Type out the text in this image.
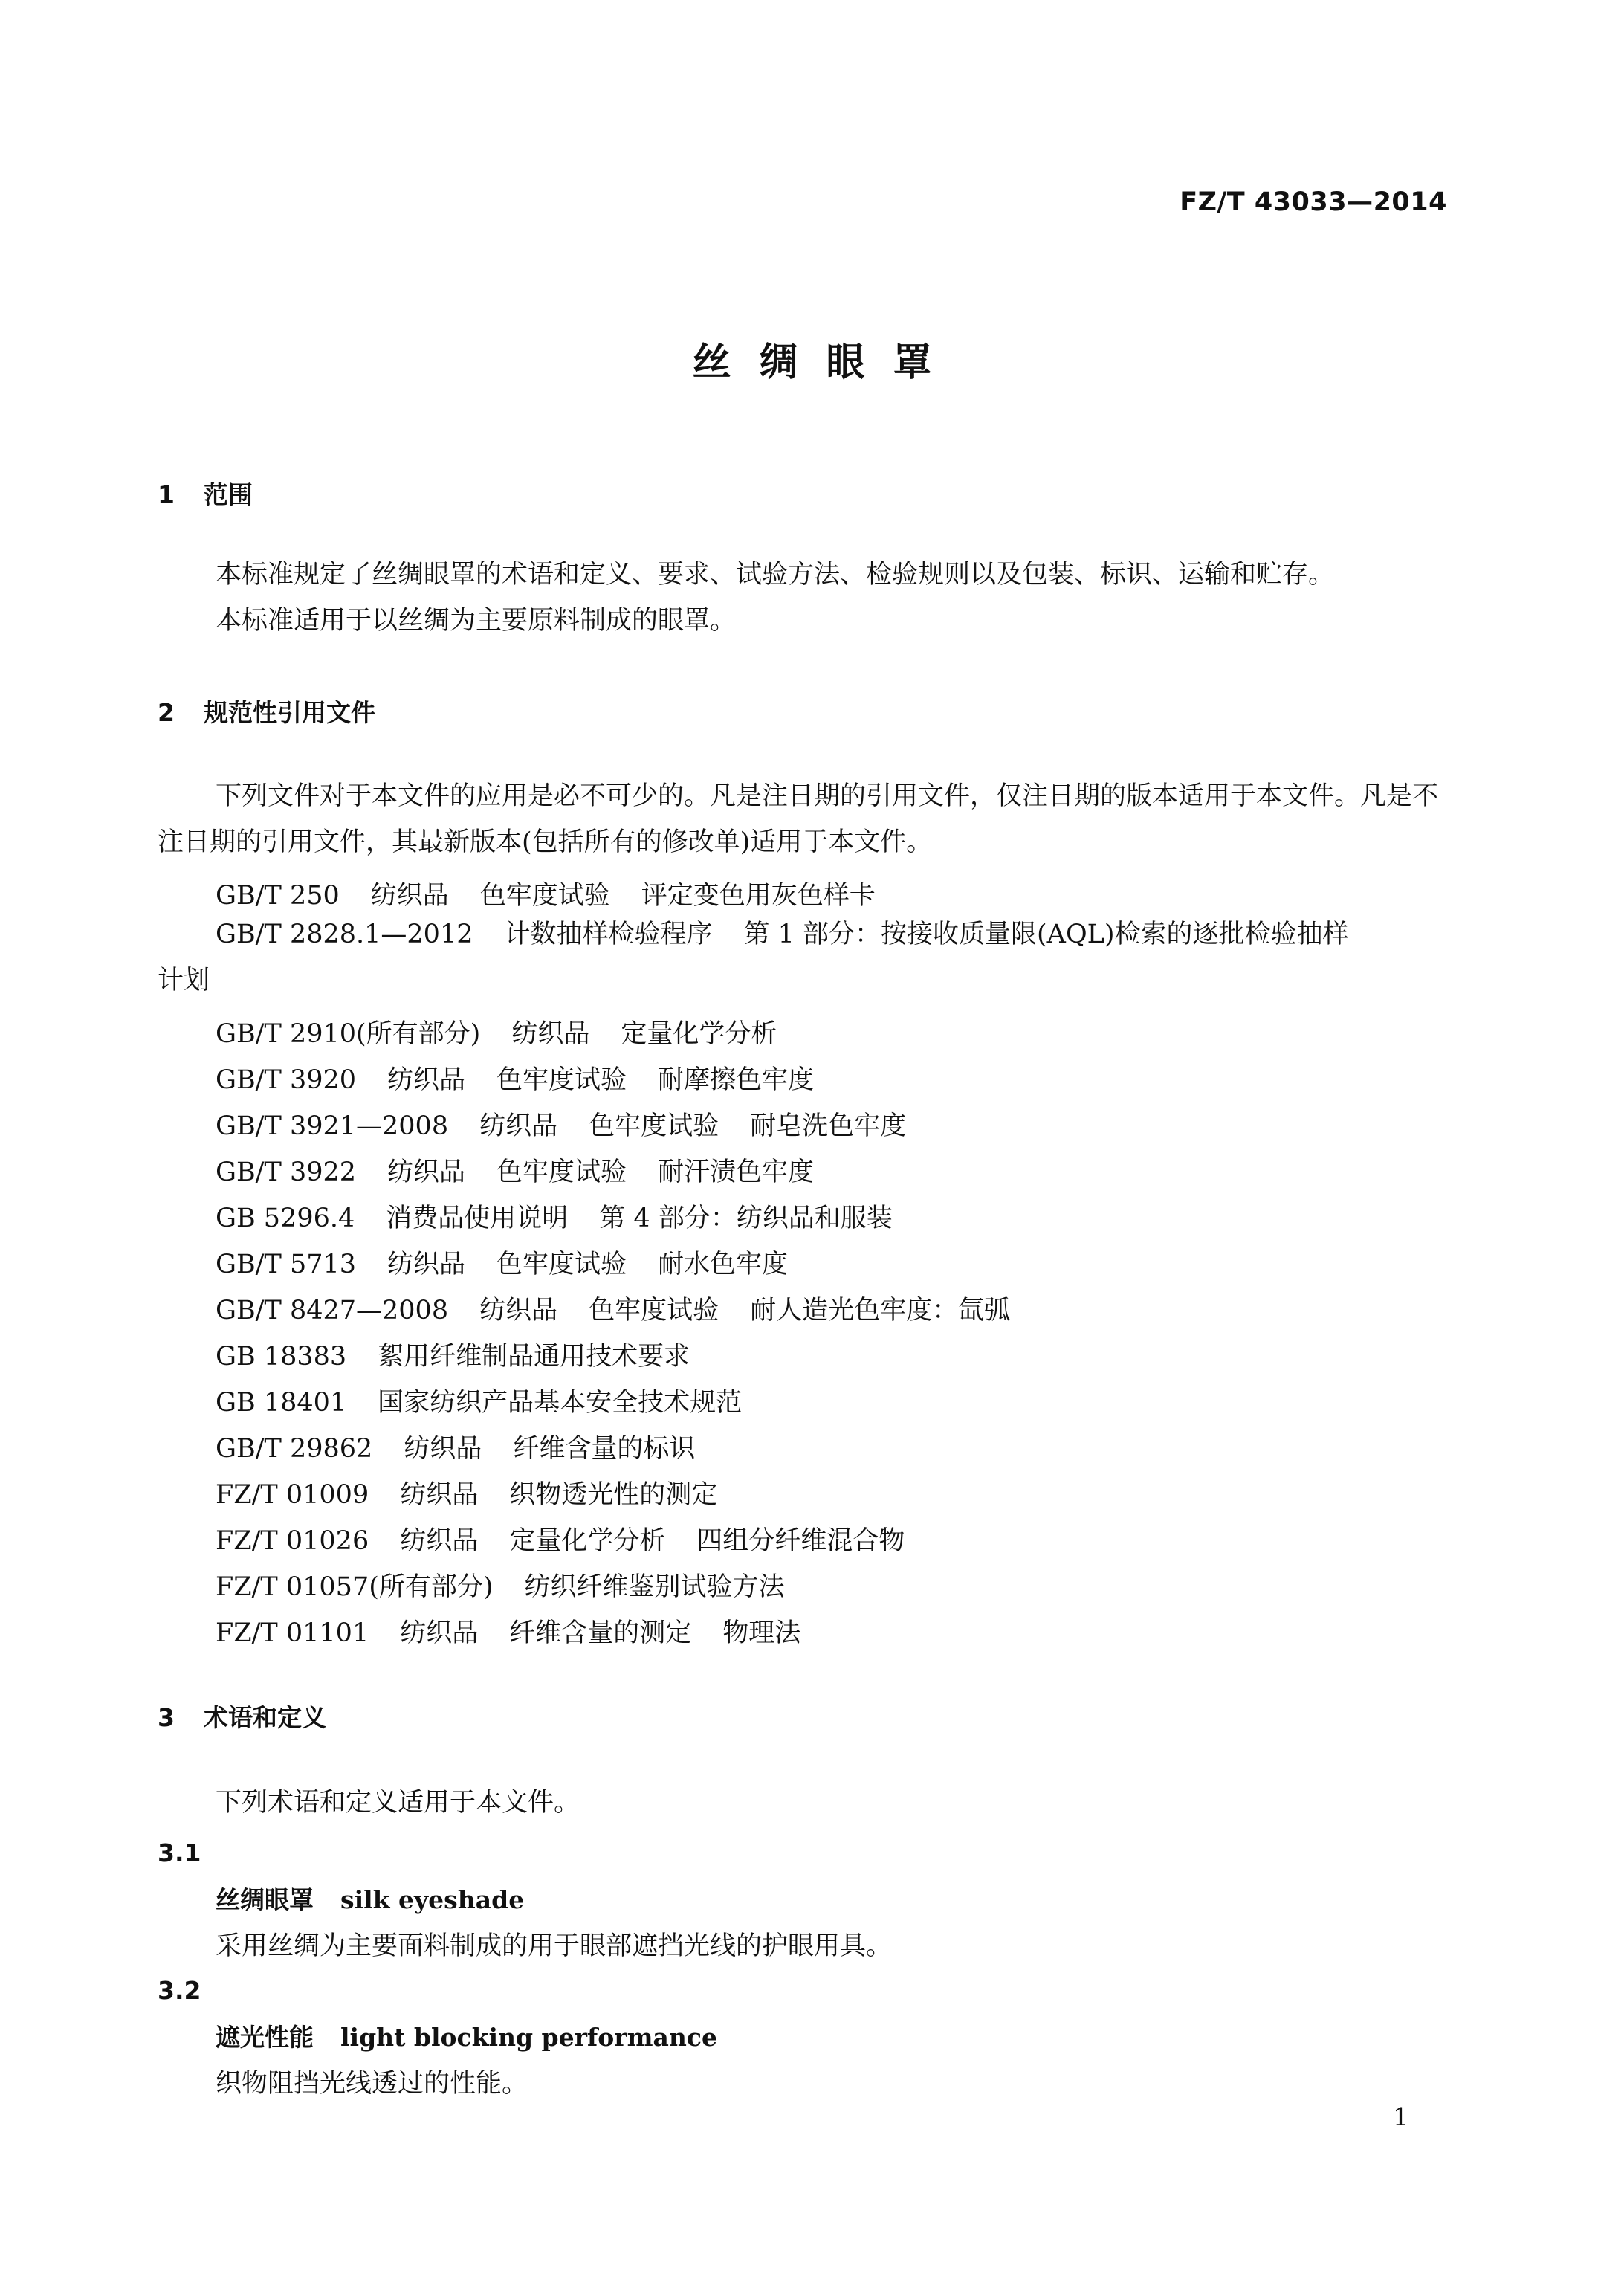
FZ/T 43033—2014
丝绸眼罩
1 范围
本标准规定了丝绸眼罩的术语和定义、要求、试验方法、检验规则以及包装、标识、运输和贮存。
本标准适用于以丝绸为主要原料制成的眼罩。
2 规范性引用文件
下列文件对于本文件的应用是必不可少的。凡是注日期的引用文件，仅注日期的版本适用于本文件。凡是不注日期的引用文件，其最新版本(包括所有的修改单)适用于本文件。
GB/T 250 纺织品 色牢度试验 评定变色用灰色样卡
GB/T 2828.1—2012 计数抽样检验程序 第 1 部分：按接收质量限(AQL)检索的逐批检验抽样
计划
GB/T 2910(所有部分) 纺织品 定量化学分析
GB/T 3920 纺织品 色牢度试验 耐摩擦色牢度
GB/T 3921—2008 纺织品 色牢度试验 耐皂洗色牢度
GB/T 3922 纺织品 色牢度试验 耐汗渍色牢度
GB 5296.4 消费品使用说明 第 4 部分：纺织品和服装
GB/T 5713 纺织品 色牢度试验 耐水色牢度
GB/T 8427—2008 纺织品 色牢度试验 耐人造光色牢度：氙弧
GB 18383 絮用纤维制品通用技术要求
GB 18401 国家纺织产品基本安全技术规范
GB/T 29862 纺织品 纤维含量的标识
FZ/T 01009 纺织品 织物透光性的测定
FZ/T 01026 纺织品 定量化学分析 四组分纤维混合物
FZ/T 01057(所有部分) 纺织纤维鉴别试验方法
FZ/T 01101 纺织品 纤维含量的测定 物理法
3 术语和定义
下列术语和定义适用于本文件。
3.1
丝绸眼罩 silk eyeshade
采用丝绸为主要面料制成的用于眼部遮挡光线的护眼用具。
3.2
遮光性能 light blocking performance
织物阻挡光线透过的性能。
1
